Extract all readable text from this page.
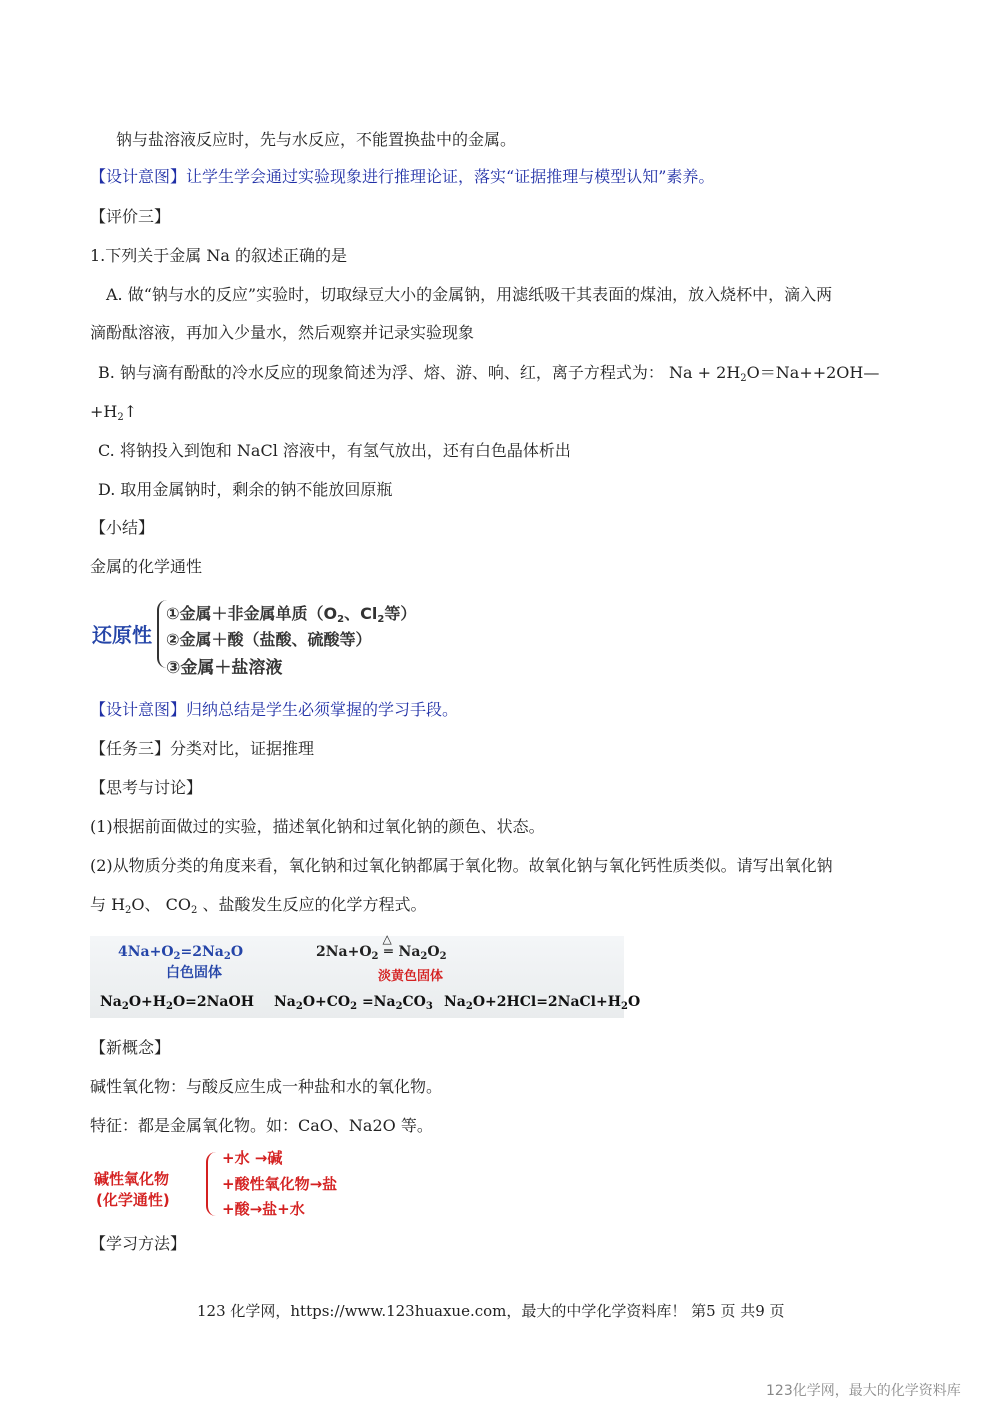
钠与盐溶液反应时，先与水反应，不能置换盐中的金属。
【设计意图】让学生学会通过实验现象进行推理论证，落实“证据推理与模型认知”素养。
【评价三】
1.下列关于金属 Na 的叙述正确的是
A. 做“钠与水的反应”实验时，切取绿豆大小的金属钠，用滤纸吸干其表面的煤油，放入烧杯中，滴入两
滴酚酞溶液，再加入少量水，然后观察并记录实验现象
B. 钠与滴有酚酞的冷水反应的现象简述为浮、熔、游、响、红，离子方程式为： $Na + 2H_2O=Na++2OH—$
$+H_2↑$
C. 将钠投入到饱和 NaCl 溶液中，有氢气放出，还有白色晶体析出
D. 取用金属钠时，剩余的钠不能放回原瓶
【小结】
金属的化学通性
还原性
①金属＋非金属单质（$O_2$、$Cl_2$等）
②金属＋酸（盐酸、硫酸等）
③金属＋盐溶液
【设计意图】归纳总结是学生必须掌握的学习手段。
【任务三】分类对比，证据推理
【思考与讨论】
(1)根据前面做过的实验，描述氧化钠和过氧化钠的颜色、状态。
(2)从物质分类的角度来看，氧化钠和过氧化钠都属于氧化物。故氧化钠与氧化钙性质类似。请写出氧化钠
与 $H_2O$、 $CO_2$ 、盐酸发生反应的化学方程式。
$4Na+O_2=2Na_2O$
白色固体
$2Na+O_2$
△
═ $Na_2O_2$
淡黄色固体
$Na_2O+H_2O=2NaOH$ $Na_2O+CO_2 =Na_2CO_3$ $Na_2O+2HCl=2NaCl+H_2O$
【新概念】
碱性氧化物：与酸反应生成一种盐和水的氧化物。
特征：都是金属氧化物。如：CaO、Na2O 等。
碱性氧化物
(化学通性)
+水 →碱
+酸性氧化物→盐
+酸→盐+水
【学习方法】
123 化学网，https://www.123huaxue.com，最大的中学化学资料库！ 第5 页 共9 页
123化学网，最大的化学资料库
